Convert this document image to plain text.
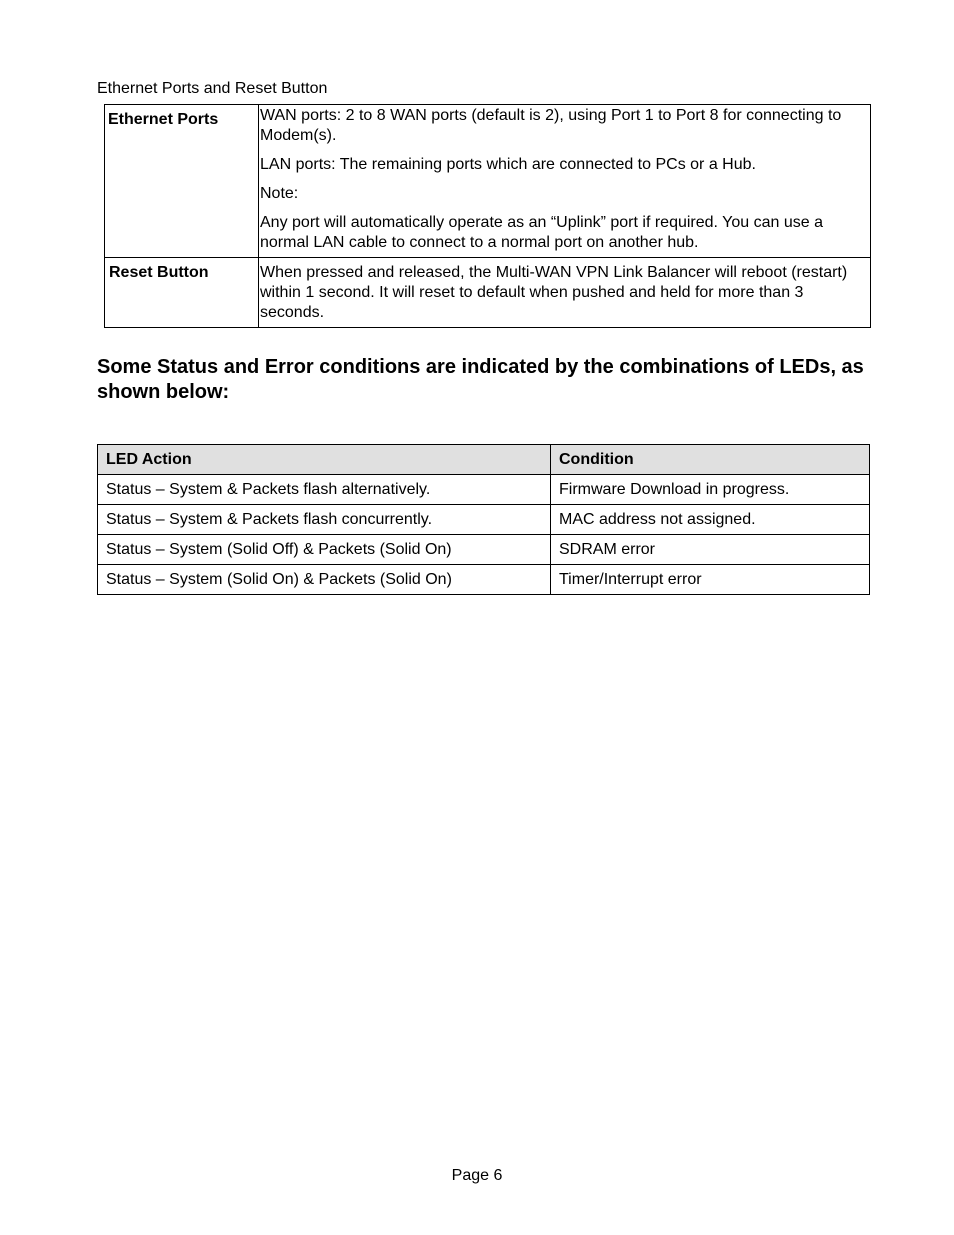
Ethernet Ports and Reset Button
Ethernet Ports	WAN ports: 2 to 8 WAN ports (default is 2), using Port 1 to Port 8 for connecting to Modem(s).

LAN ports: The remaining ports which are connected to PCs or a Hub.

Note:

Any port will automatically operate as an “Uplink” port if required. You can use a normal LAN cable to connect to a normal port on another hub.

Reset Button	When pressed and released, the Multi-WAN VPN Link Balancer will reboot (restart) within 1 second. It will reset to default when pushed and held for more than 3 seconds.

Some Status and Error conditions are indicated by the combinations of LEDs, as shown below:
LED Action	Condition
Status – System & Packets flash alternatively.	Firmware Download in progress.
Status – System & Packets flash concurrently.	MAC address not assigned.
Status – System (Solid Off) & Packets (Solid On)	SDRAM error
Status – System (Solid On) & Packets (Solid On)	Timer/Interrupt error
Page 6
